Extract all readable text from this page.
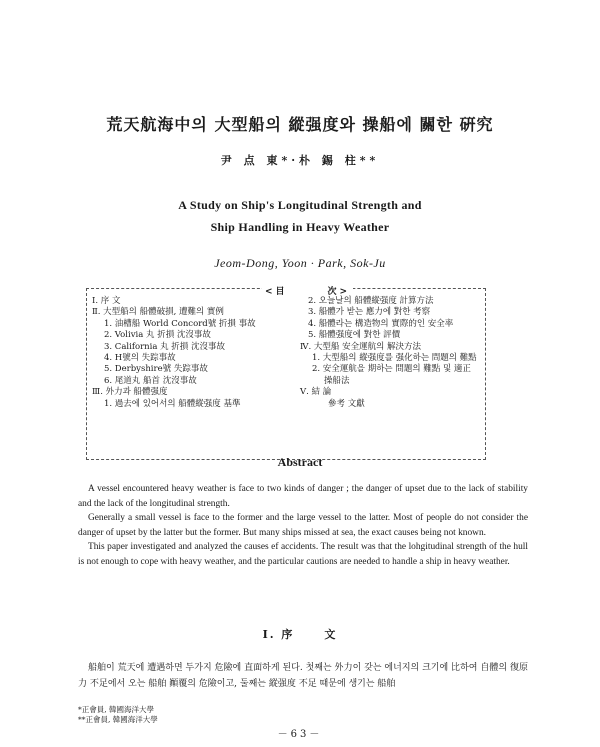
荒天航海中의 大型船의 縱强度와 操船에 關한 硏究
尹 点 東*·朴 錫 柱**
A Study on Ship's Longitudinal Strength and
Ship Handling in Heavy Weather
Jeom-Dong, Yoon · Park, Sok-Ju
<目	次>
Ⅰ. 序 文
Ⅱ. 大型船의 船體破損, 遭難의 實例
1. 油槽船 World Concord號 折損 事故
2. Volivia 丸 折損 沈沒事故
3. California 丸 折損 沈沒事故
4. H號의 失踪事故
5. Derbyshire號 失踪事故
6. 尾道丸 船首 沈沒事故
Ⅲ. 外力과 船體强度
1. 過去에 있어서의 船體縱强度 基準
2. 오늘날의 船體縱强度 計算方法
3. 船體가 받는 應力에 對한 考察
4. 船體라는 構造物의 實際的인 安全率
5. 船體强度에 對한 評價
Ⅳ. 大型船 安全運航의 解決方法
1. 大型船의 縱强度를 强化하는 問題의 難點
2. 安全運航을 期하는 問題의 難點 및 適正
操船法
Ⅴ. 結 論
參考 文獻
Abstract

A vessel encountered heavy weather is face to two kinds of danger ; the danger of upset due to the lack of stability and the lack of the longitudinal strength.

Generally a small vessel is face to the former and the large vessel to the latter. Most of people do not consider the danger of upset by the latter but the former. But many ships missed at sea, the exact causes being not known.

This paper investigated and analyzed the causes ef accidents. The result was that the lohgitudinal strength of the hull is not enough to cope with heavy weather, and the particular cautions are needed to handle a ship in heavy weather.

Ⅰ. 序	文

船舶이 荒天에 遭遇하면 두가지 危險에 直面하게 된다. 첫째는 外力이 갖는 에너지의 크기에 比하여 自體의 復原力 不足에서 오는 船舶 顚覆의 危險이고, 둘째는 縱强度 不足 때문에 생기는 船舶

*正會員, 韓國海洋大學
**正會員, 韓國海洋大學
－63－
